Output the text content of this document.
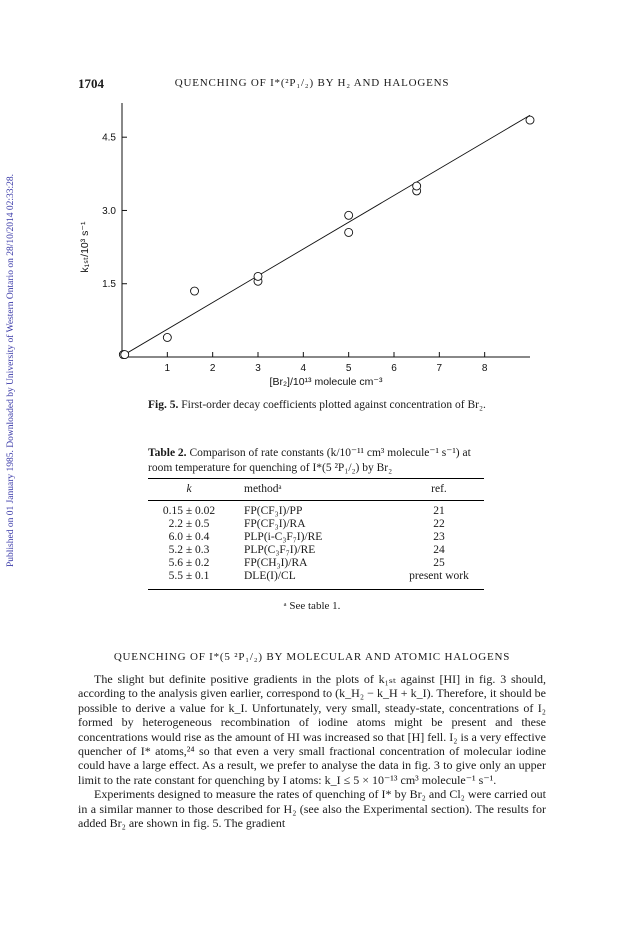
Published on 01 January 1985. Downloaded by University of Western Ontario on 28/10/2014 02:33:28.
1704	QUENCHING OF I*(²P₁/₂) BY H₂ AND HALOGENS
1	2	3	4	5	6	7	8
1.5
3.0
4.5
[Br₂]/10¹³ molecule cm⁻³
k₁ₛₜ/10³ s⁻¹
Fig. 5. First-order decay coefficients plotted against concentration of Br₂.
Table 2. Comparison of rate constants (k/10⁻¹¹ cm³ molecule⁻¹ s⁻¹) at room temperature for quenching of I*(5 ²P₁/₂) by Br₂
k	methodᵃ	ref.
0.15 ± 0.02	FP(CF₃I)/PP	21
2.2 ± 0.5	FP(CF₃I)/RA	22
6.0 ± 0.4	PLP(i-C₃F₇I)/RE	23
5.2 ± 0.3	PLP(C₃F₇I)/RE	24
5.6 ± 0.2	FP(CH₃I)/RA	25
5.5 ± 0.1	DLE(I)/CL	present work
ᵃ See table 1.
QUENCHING OF I*(5 ²P₁/₂) BY MOLECULAR AND ATOMIC HALOGENS

The slight but definite positive gradients in the plots of k₁ₛₜ against [HI] in fig. 3 should, according to the analysis given earlier, correspond to (k_H₂ − k_H + k_I). Therefore, it should be possible to derive a value for k_I. Unfortunately, very small, steady-state, concentrations of I₂ formed by heterogeneous recombination of iodine atoms might be present and these concentrations would rise as the amount of HI was increased so that [H] fell. I₂ is a very effective quencher of I* atoms,²⁴ so that even a very small fractional concentration of molecular iodine could have a large effect. As a result, we prefer to analyse the data in fig. 3 to give only an upper limit to the rate constant for quenching by I atoms: k_I ≤ 5 × 10⁻¹³ cm³ molecule⁻¹ s⁻¹.

Experiments designed to measure the rates of quenching of I* by Br₂ and Cl₂ were carried out in a similar manner to those described for H₂ (see also the Experimental section). The results for added Br₂ are shown in fig. 5. The gradient
